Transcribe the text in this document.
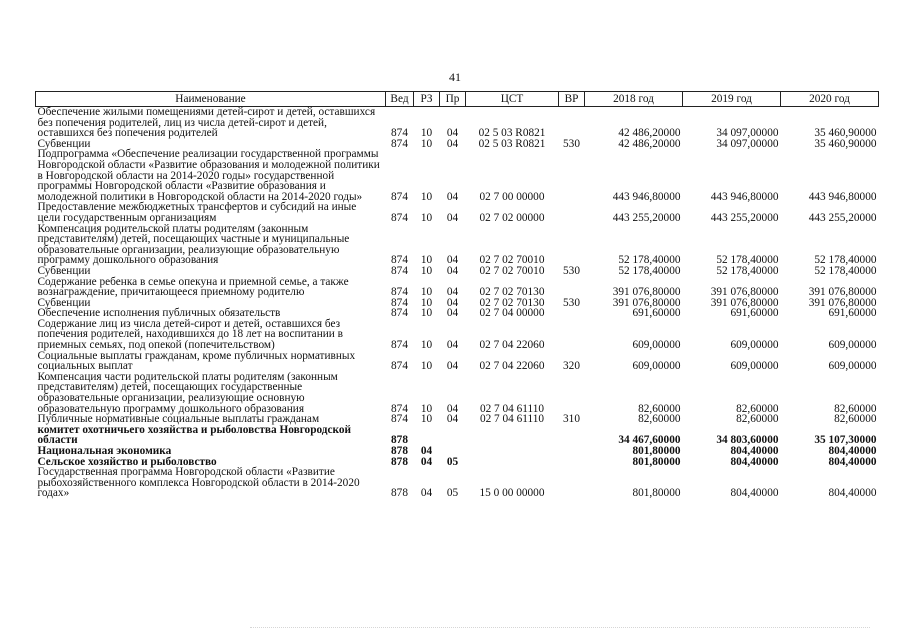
41
Наименование	Вед	РЗ	Пр	ЦСТ	ВР	2018 год	2019 год	2020 год
Обеспечение жилыми помещениями детей-сирот и детей, оставшихся без попечения родителей, лиц из числа детей-сирот и детей, оставшихся без попечения родителей	874	10	04	02 5 03 R0821		42 486,20000	34 097,00000	35 460,90000
Субвенции	874	10	04	02 5 03 R0821	530	42 486,20000	34 097,00000	35 460,90000
Подпрограмма «Обеспечение реализации государственной программы Новгородской области «Развитие образования и молодежной политики в Новгородской области на 2014-2020 годы» государственной программы Новгородской области «Развитие образования и молодежной политики в Новгородской области на 2014-2020 годы»	874	10	04	02 7 00 00000		443 946,80000	443 946,80000	443 946,80000
Предоставление межбюджетных трансфертов и субсидий на иные цели государственным организациям	874	10	04	02 7 02 00000		443 255,20000	443 255,20000	443 255,20000
Компенсация родительской платы родителям (законным представителям) детей, посещающих частные и муниципальные образовательные организации, реализующие образовательную программу дошкольного образования	874	10	04	02 7 02 70010		52 178,40000	52 178,40000	52 178,40000
Субвенции	874	10	04	02 7 02 70010	530	52 178,40000	52 178,40000	52 178,40000
Содержание ребенка в семье опекуна и приемной семье, а также вознаграждение, причитающееся приемному родителю	874	10	04	02 7 02 70130		391 076,80000	391 076,80000	391 076,80000
Субвенции	874	10	04	02 7 02 70130	530	391 076,80000	391 076,80000	391 076,80000
Обеспечение исполнения публичных обязательств	874	10	04	02 7 04 00000		691,60000	691,60000	691,60000
Содержание лиц из числа детей-сирот и детей, оставшихся без попечения родителей, находившихся до 18 лет на воспитании в приемных семьях, под опекой (попечительством)	874	10	04	02 7 04 22060		609,00000	609,00000	609,00000
Социальные выплаты гражданам, кроме публичных нормативных социальных выплат	874	10	04	02 7 04 22060	320	609,00000	609,00000	609,00000
Компенсация части родительской платы родителям (законным представителям) детей, посещающих государственные образовательные организации, реализующие основную образовательную программу дошкольного образования	874	10	04	02 7 04 61110		82,60000	82,60000	82,60000
Публичные нормативные социальные выплаты гражданам	874	10	04	02 7 04 61110	310	82,60000	82,60000	82,60000
комитет охотничьего хозяйства и рыболовства Новгородской области	878					34 467,60000	34 803,60000	35 107,30000
Национальная экономика	878	04				801,80000	804,40000	804,40000
Сельское хозяйство и рыболовство	878	04	05			801,80000	804,40000	804,40000
Государственная программа Новгородской области «Развитие рыбохозяйственного комплекса Новгородской области в 2014-2020 годах»	878	04	05	15 0 00 00000		801,80000	804,40000	804,40000
